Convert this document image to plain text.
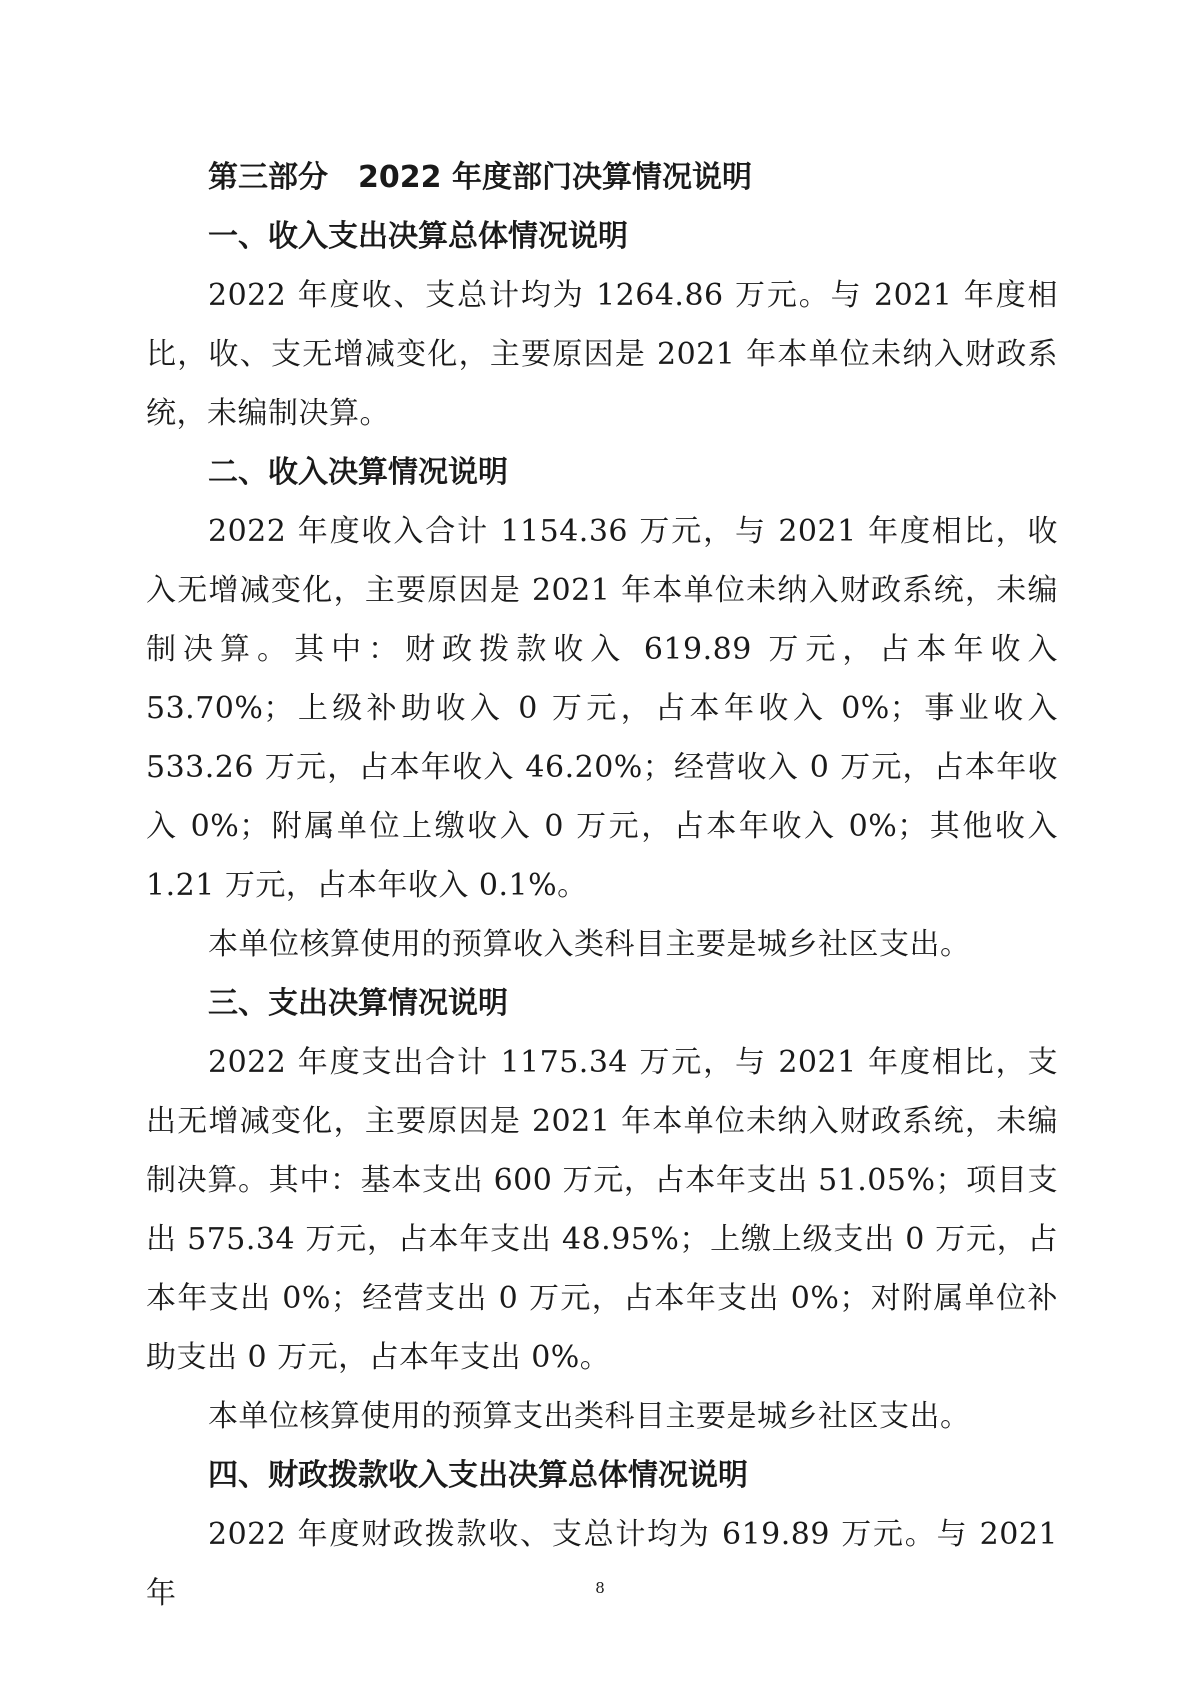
第三部分　2022 年度部门决算情况说明
一、收入支出决算总体情况说明

2022 年度收、支总计均为 1264.86 万元。与 2021 年度相比，收、支无增减变化，主要原因是 2021 年本单位未纳入财政系统，未编制决算。

二、收入决算情况说明

2022 年度收入合计 1154.36 万元，与 2021 年度相比，收入无增减变化，主要原因是 2021 年本单位未纳入财政系统，未编制决算。其中：财政拨款收入 619.89 万元，占本年收入 53.70%；上级补助收入 0 万元，占本年收入 0%；事业收入 533.26 万元，占本年收入 46.20%；经营收入 0 万元，占本年收入 0%；附属单位上缴收入 0 万元，占本年收入 0%；其他收入 1.21 万元，占本年收入 0.1%。

本单位核算使用的预算收入类科目主要是城乡社区支出。

三、支出决算情况说明

2022 年度支出合计 1175.34 万元，与 2021 年度相比，支出无增减变化，主要原因是 2021 年本单位未纳入财政系统，未编制决算。其中：基本支出 600 万元，占本年支出 51.05%；项目支出 575.34 万元，占本年支出 48.95%；上缴上级支出 0 万元，占本年支出 0%；经营支出 0 万元，占本年支出 0%；对附属单位补助支出 0 万元，占本年支出 0%。

本单位核算使用的预算支出类科目主要是城乡社区支出。

四、财政拨款收入支出决算总体情况说明

2022 年度财政拨款收、支总计均为 619.89 万元。与 2021 年	8
